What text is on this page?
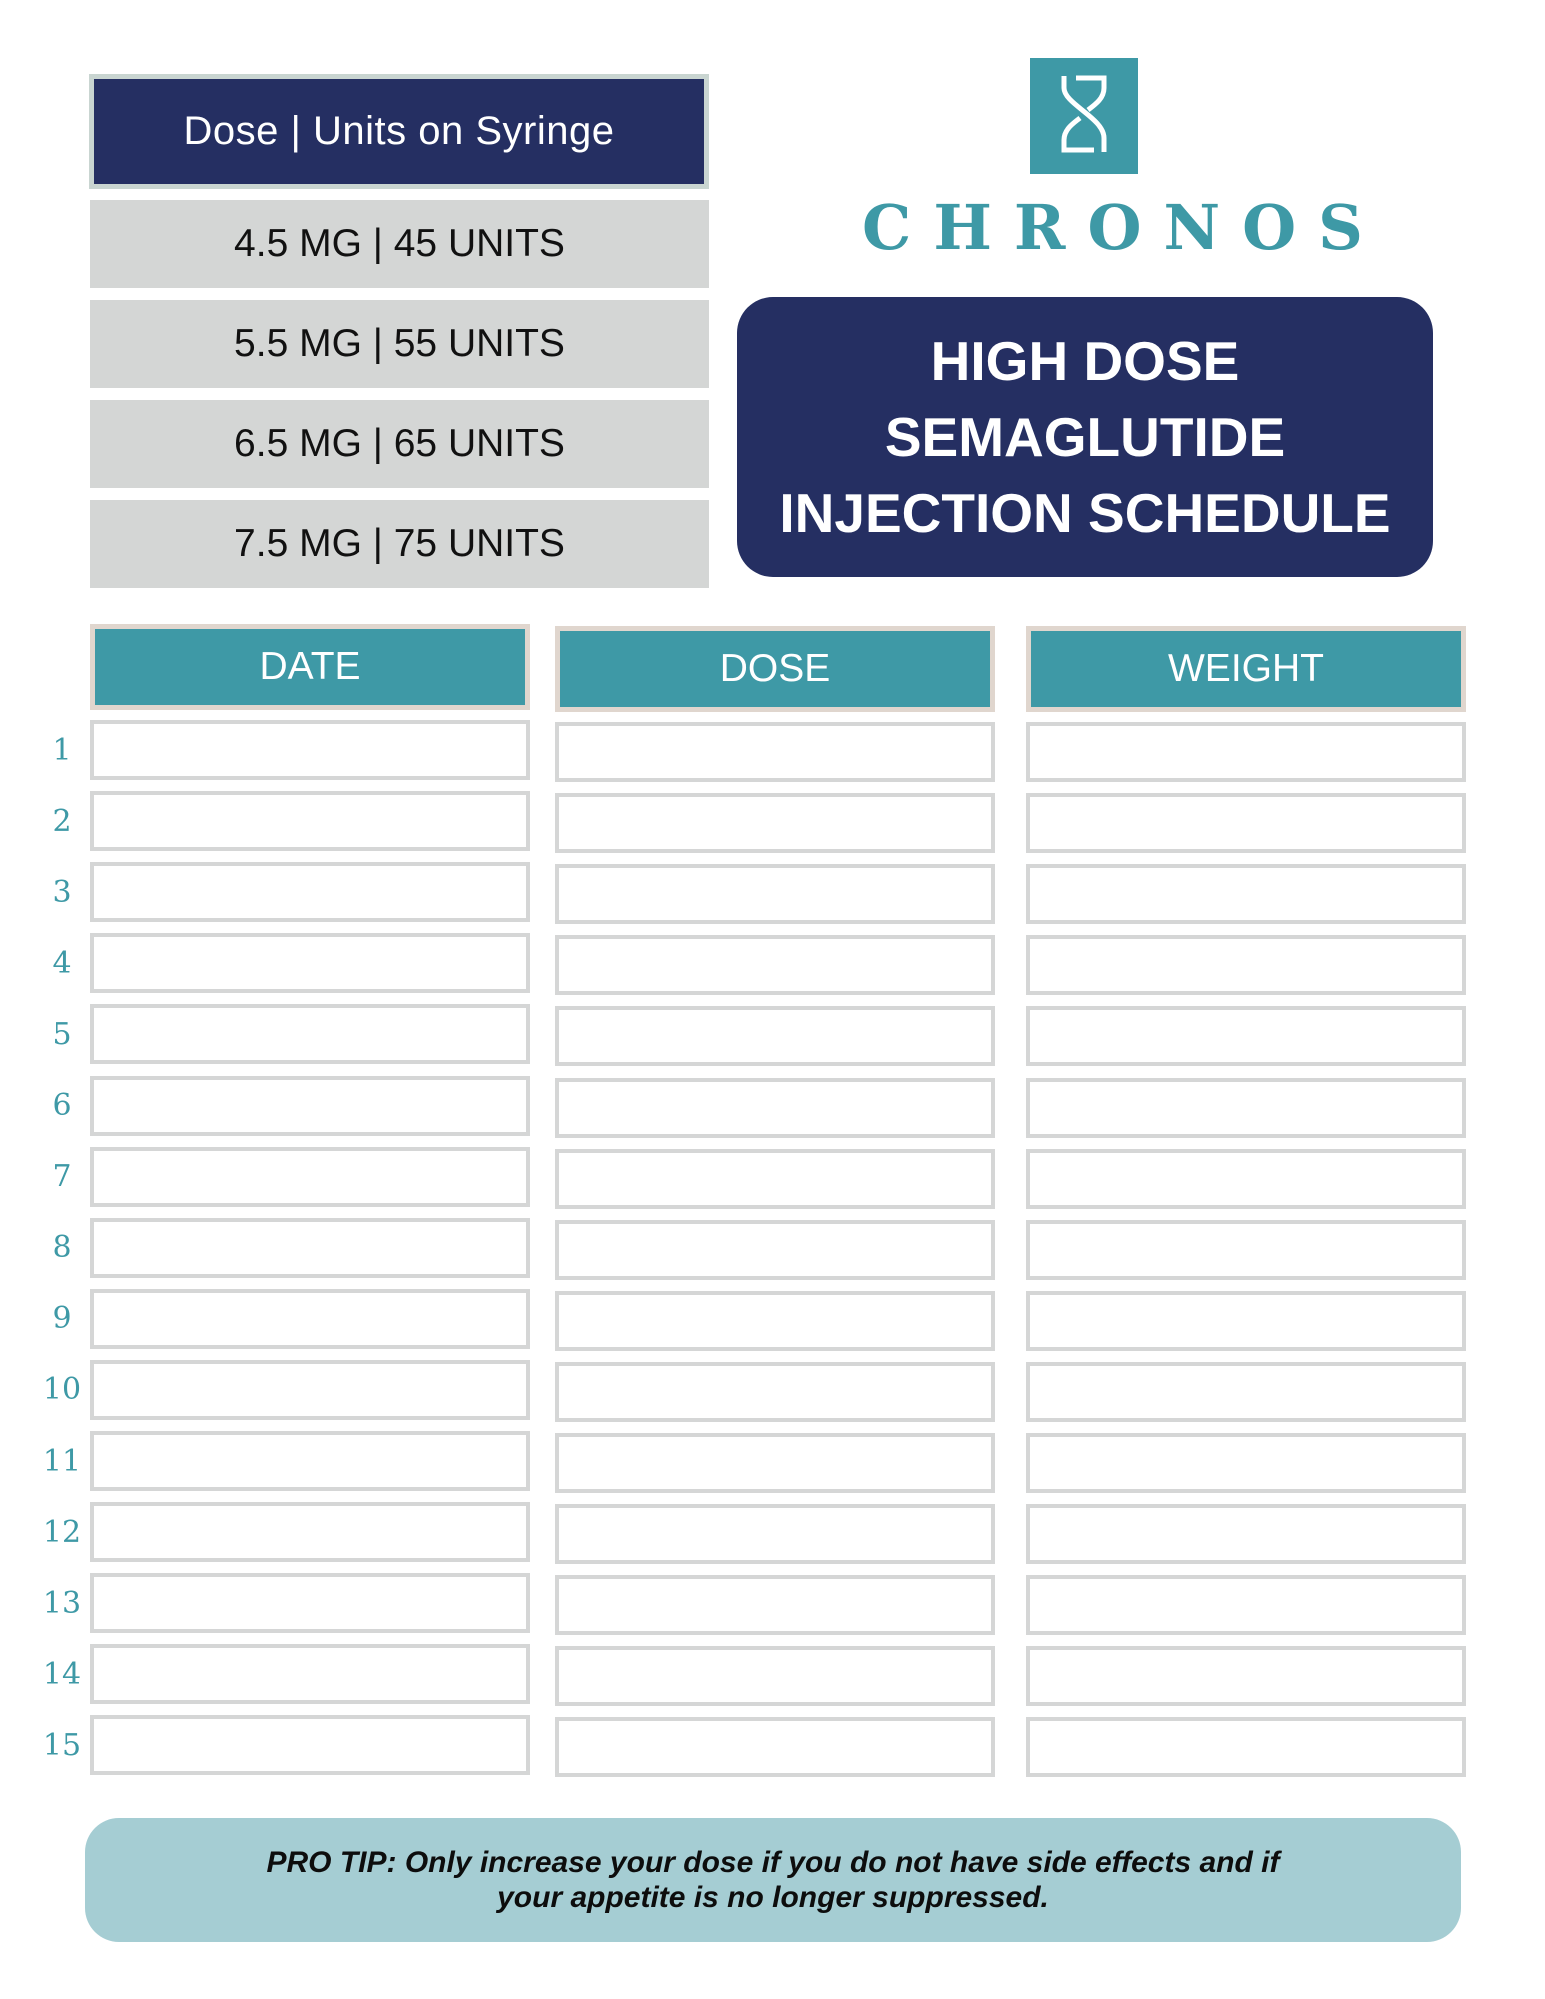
Dose | Units on Syringe
4.5 MG | 45 UNITS
5.5 MG | 55 UNITS
6.5 MG | 65 UNITS
7.5 MG | 75 UNITS
CHRONOS
HIGH DOSE
SEMAGLUTIDE
INJECTION SCHEDULE
DATE	DOSE	WEIGHT
1
2
3
4
5
6
7
8
9
10
11
12
13
14
15
PRO TIP: Only increase your dose if you do not have side effects and if your appetite is no longer suppressed.
